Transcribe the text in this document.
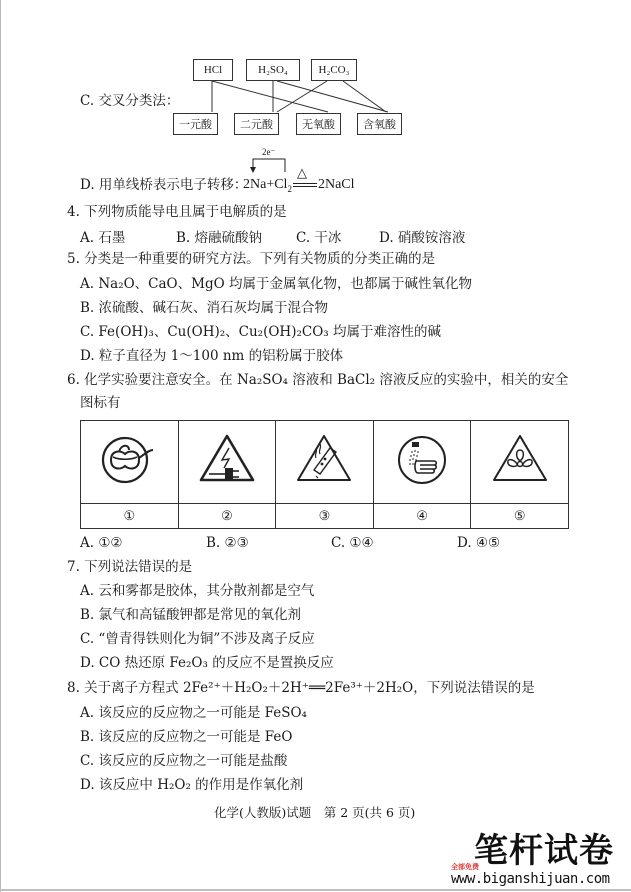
C. 交叉分类法：
HCl	H₂SO₄	H₂CO₃
一元酸	二元酸	无氧酸	含氧酸
D. 用单线桥表示电子转移：
2e⁻
$2Na+Cl_2$
△
2NaCl
4. 下列物质能导电且属于电解质的是
A. 石墨	B. 熔融硫酸钠	C. 干冰	D. 硝酸铵溶液
5. 分类是一种重要的研究方法。下列有关物质的分类正确的是
A. Na₂O、CaO、MgO 均属于金属氧化物，也都属于碱性氧化物
B. 浓硫酸、碱石灰、消石灰均属于混合物
C. Fe(OH)₃、Cu(OH)₂、Cu₂(OH)₂CO₃ 均属于难溶性的碱
D. 粒子直径为 1～100 nm 的铝粉属于胶体
6. 化学实验要注意安全。在 Na₂SO₄ 溶液和 BaCl₂ 溶液反应的实验中，相关的安全
图标有

①	②	③	④	⑤
A. ①②	B. ②③	C. ①④	D. ④⑤
7. 下列说法错误的是
A. 云和雾都是胶体，其分散剂都是空气
B. 氯气和高锰酸钾都是常见的氧化剂
C. “曾青得铁则化为铜”不涉及离子反应
D. CO 热还原 Fe₂O₃ 的反应不是置换反应
8. 关于离子方程式 2Fe²⁺＋H₂O₂＋2H⁺══2Fe³⁺＋2H₂O，下列说法错误的是
A. 该反应的反应物之一可能是 FeSO₄
B. 该反应的反应物之一可能是 FeO
C. 该反应的反应物之一可能是盐酸
D. 该反应中 H₂O₂ 的作用是作氧化剂
化学(人教版)试题　第 2 页(共 6 页)
笔杆试卷
全部免费
www.biganshijuan.com
